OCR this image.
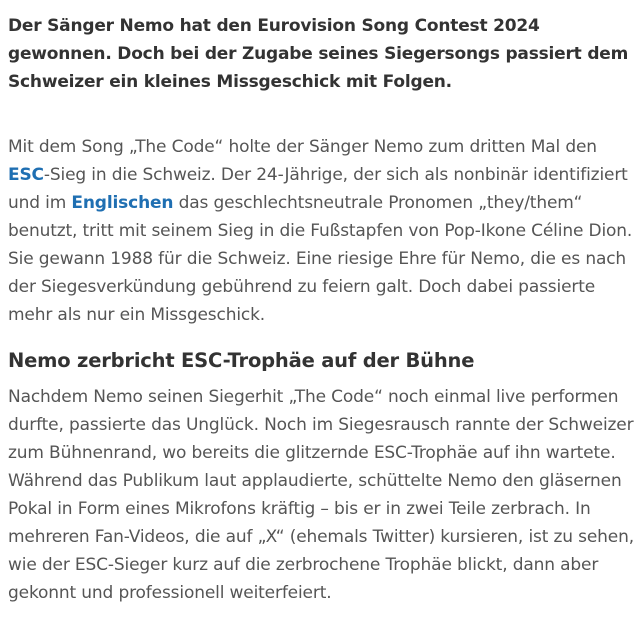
Der Sänger Nemo hat den Eurovision Song Contest 2024 gewonnen. Doch bei der Zugabe seines Siegersongs passiert dem Schweizer ein kleines Missgeschick mit Folgen.

Mit dem Song „The Code“ holte der Sänger Nemo zum dritten Mal den ESC-Sieg in die Schweiz. Der 24-Jährige, der sich als nonbinär identifiziert und im Englischen das geschlechtsneutrale Pronomen „they/them“ benutzt, tritt mit seinem Sieg in die Fußstapfen von Pop-Ikone Céline Dion. Sie gewann 1988 für die Schweiz. Eine riesige Ehre für Nemo, die es nach der Siegesverkündung gebührend zu feiern galt. Doch dabei passierte mehr als nur ein Missgeschick.

Nemo zerbricht ESC-Trophäe auf der Bühne

Nachdem Nemo seinen Siegerhit „The Code“ noch einmal live performen durfte, passierte das Unglück. Noch im Siegesrausch rannte der Schweizer zum Bühnenrand, wo bereits die glitzernde ESC-Trophäe auf ihn wartete. Während das Publikum laut applaudierte, schüttelte Nemo den gläsernen Pokal in Form eines Mikrofons kräftig – bis er in zwei Teile zerbrach. In mehreren Fan-Videos, die auf „X“ (ehemals Twitter) kursieren, ist zu sehen, wie der ESC-Sieger kurz auf die zerbrochene Trophäe blickt, dann aber gekonnt und professionell weiterfeiert.
